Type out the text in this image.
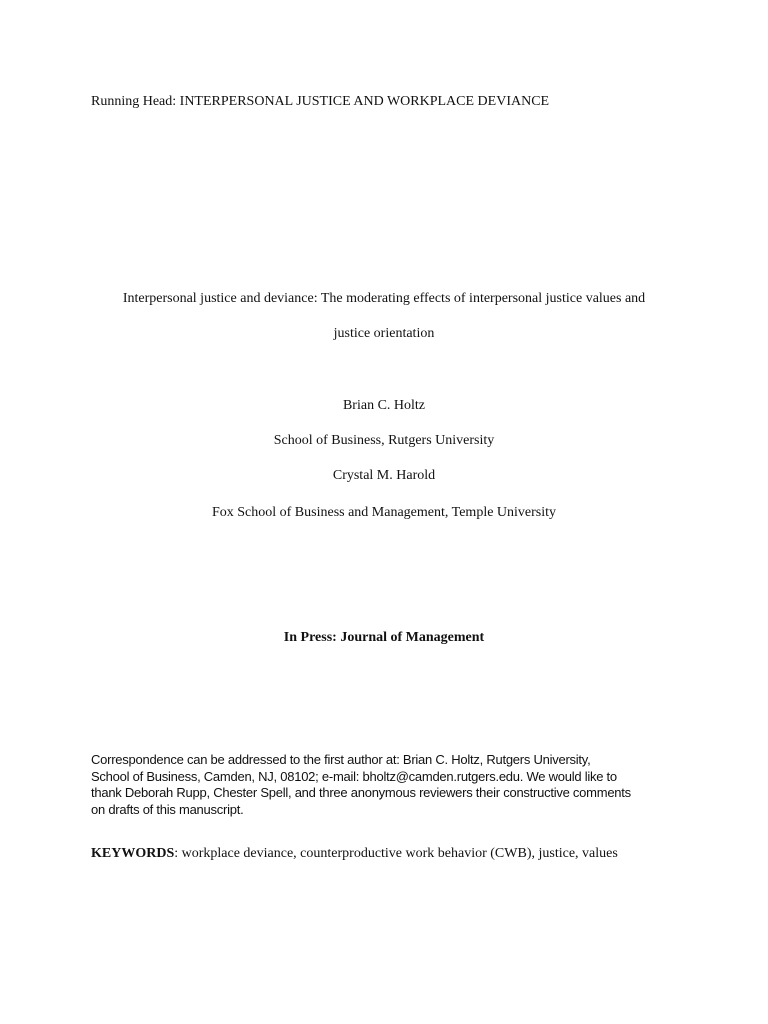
Running Head: INTERPERSONAL JUSTICE AND WORKPLACE DEVIANCE
Interpersonal justice and deviance: The moderating effects of interpersonal justice values and
justice orientation
Brian C. Holtz
School of Business, Rutgers University
Crystal M. Harold
Fox School of Business and Management, Temple University
In Press: Journal of Management
Correspondence can be addressed to the first author at: Brian C. Holtz, Rutgers University,
School of Business, Camden, NJ, 08102; e-mail: bholtz@camden.rutgers.edu. We would like to
thank Deborah Rupp, Chester Spell, and three anonymous reviewers their constructive comments
on drafts of this manuscript.
KEYWORDS: workplace deviance, counterproductive work behavior (CWB), justice, values
